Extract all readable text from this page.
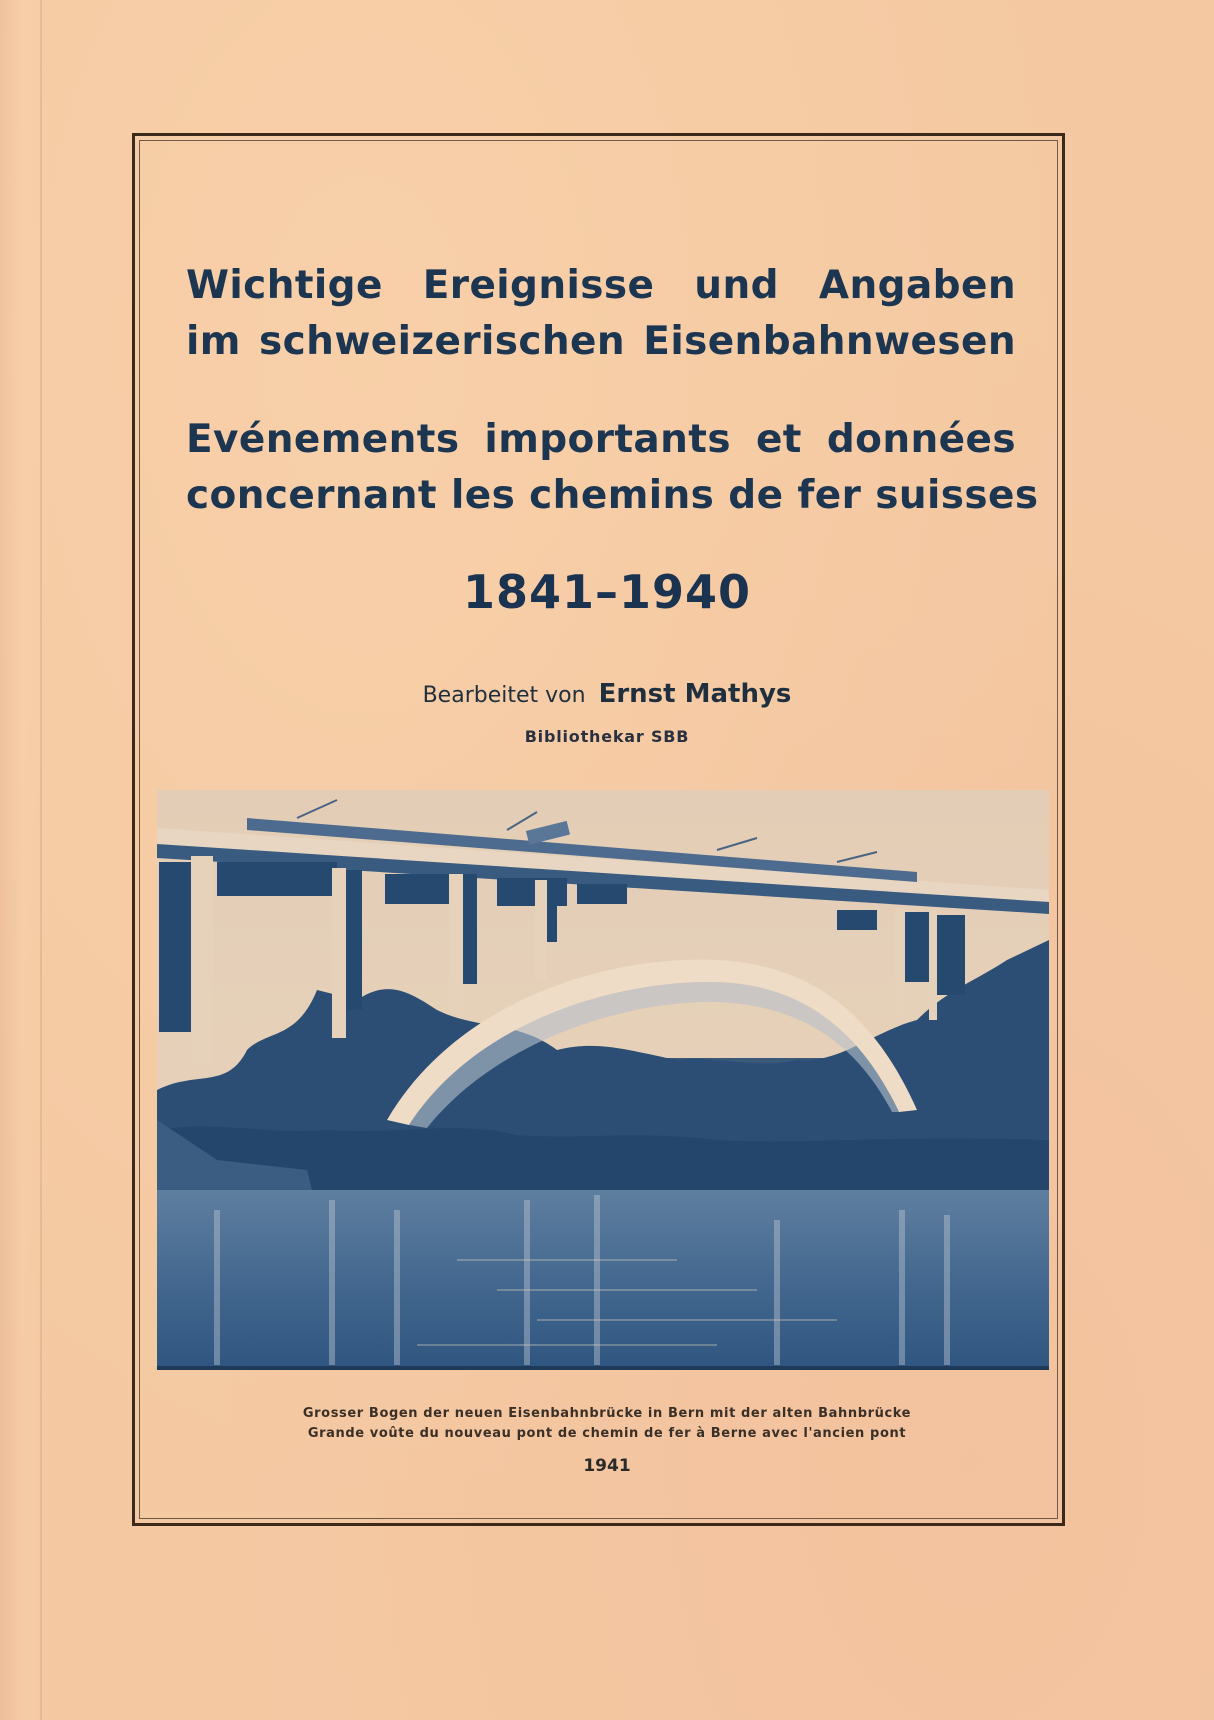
Wichtige Ereignisse und Angaben
im schweizerischen Eisenbahnwesen
Evénements importants et données
concernant les chemins de fer suisses
1841–1940
Bearbeitet von Ernst Mathys
Bibliothekar SBB
Grosser Bogen der neuen Eisenbahnbrücke in Bern mit der alten Bahnbrücke
Grande voûte du nouveau pont de chemin de fer à Berne avec l'ancien pont
1941
